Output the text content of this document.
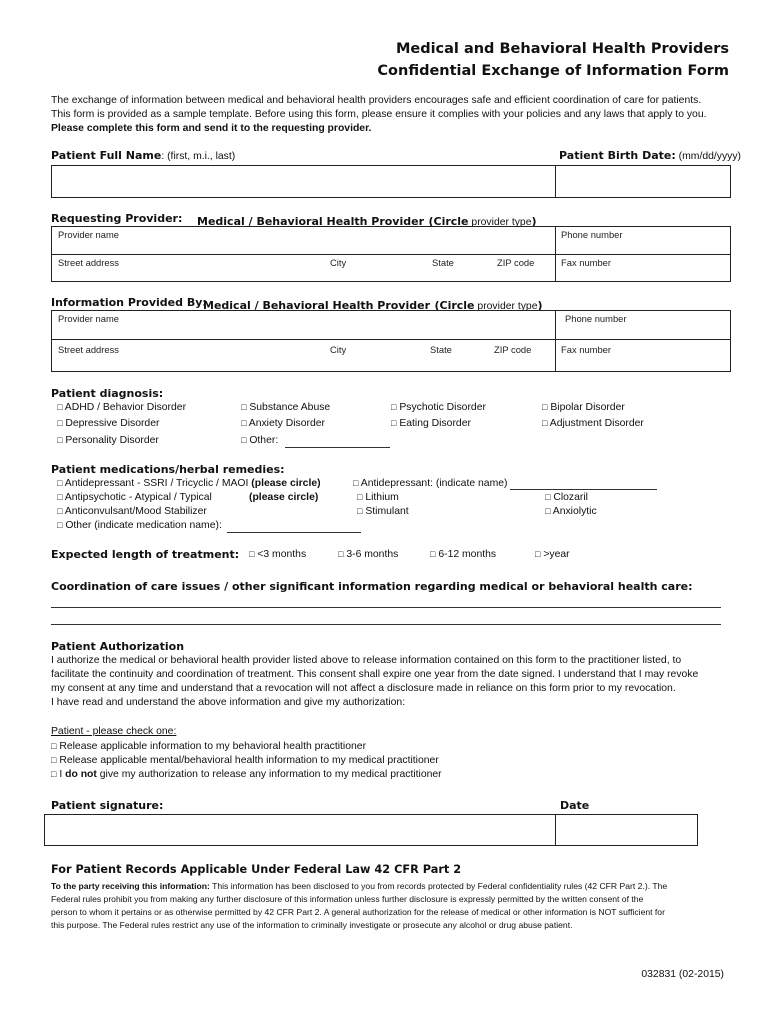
Medical and Behavioral Health Providers
Confidential Exchange of Information Form
The exchange of information between medical and behavioral health providers encourages safe and efficient coordination of care for patients.
This form is provided as a sample template. Before using this form, please ensure it complies with your policies and any laws that apply to you.
Please complete this form and send it to the requesting provider.
Patient Full Name: (first, m.i., last)	Patient Birth Date: (mm/dd/yyyy)
Requesting Provider: Medical / Behavioral Health Provider (Circle provider type)
Provider name	Phone number
Street address	City	State	ZIP code	Fax number
Information Provided By:
Medical / Behavioral Health Provider (Circle provider type)
Provider name	Phone number
Street address	City	State	ZIP code	Fax number
Patient diagnosis:
□ ADHD / Behavior Disorder	□ Substance Abuse	□ Psychotic Disorder	□ Bipolar Disorder
□ Depressive Disorder	□ Anxiety Disorder	□ Eating Disorder	□ Adjustment Disorder
□ Personality Disorder	□ Other:
Patient medications/herbal remedies:
□ Antidepressant - SSRI / Tricyclic / MAOI (please circle)	□ Antidepressant: (indicate name)
□ Antipsychotic - Atypical / Typical	(please circle)	□ Lithium	□ Clozaril
□ Anticonvulsant/Mood Stabilizer	□ Stimulant	□ Anxiolytic
□ Other (indicate medication name):
Expected length of treatment: □ <3 months	□ 3-6 months	□ 6-12 months	□ >year
Coordination of care issues / other significant information regarding medical or behavioral health care:
Patient Authorization
I authorize the medical or behavioral health provider listed above to release information contained on this form to the practitioner listed, to
facilitate the continuity and coordination of treatment. This consent shall expire one year from the date signed. I understand that I may revoke
my consent at any time and understand that a revocation will not affect a disclosure made in reliance on this form prior to my revocation.
I have read and understand the above information and give my authorization:
Patient - please check one:
□ Release applicable information to my behavioral health practitioner
□ Release applicable mental/behavioral health information to my medical practitioner
□ I do not give my authorization to release any information to my medical practitioner
Patient signature:	Date
For Patient Records Applicable Under Federal Law 42 CFR Part 2
To the party receiving this information: This information has been disclosed to you from records protected by Federal confidentiality rules (42 CFR Part 2.). The
Federal rules prohibit you from making any further disclosure of this information unless further disclosure is expressly permitted by the written consent of the
person to whom it pertains or as otherwise permitted by 42 CFR Part 2. A general authorization for the release of medical or other information is NOT sufficient for
this purpose. The Federal rules restrict any use of the information to criminally investigate or prosecute any alcohol or drug abuse patient.
032831 (02-2015)
